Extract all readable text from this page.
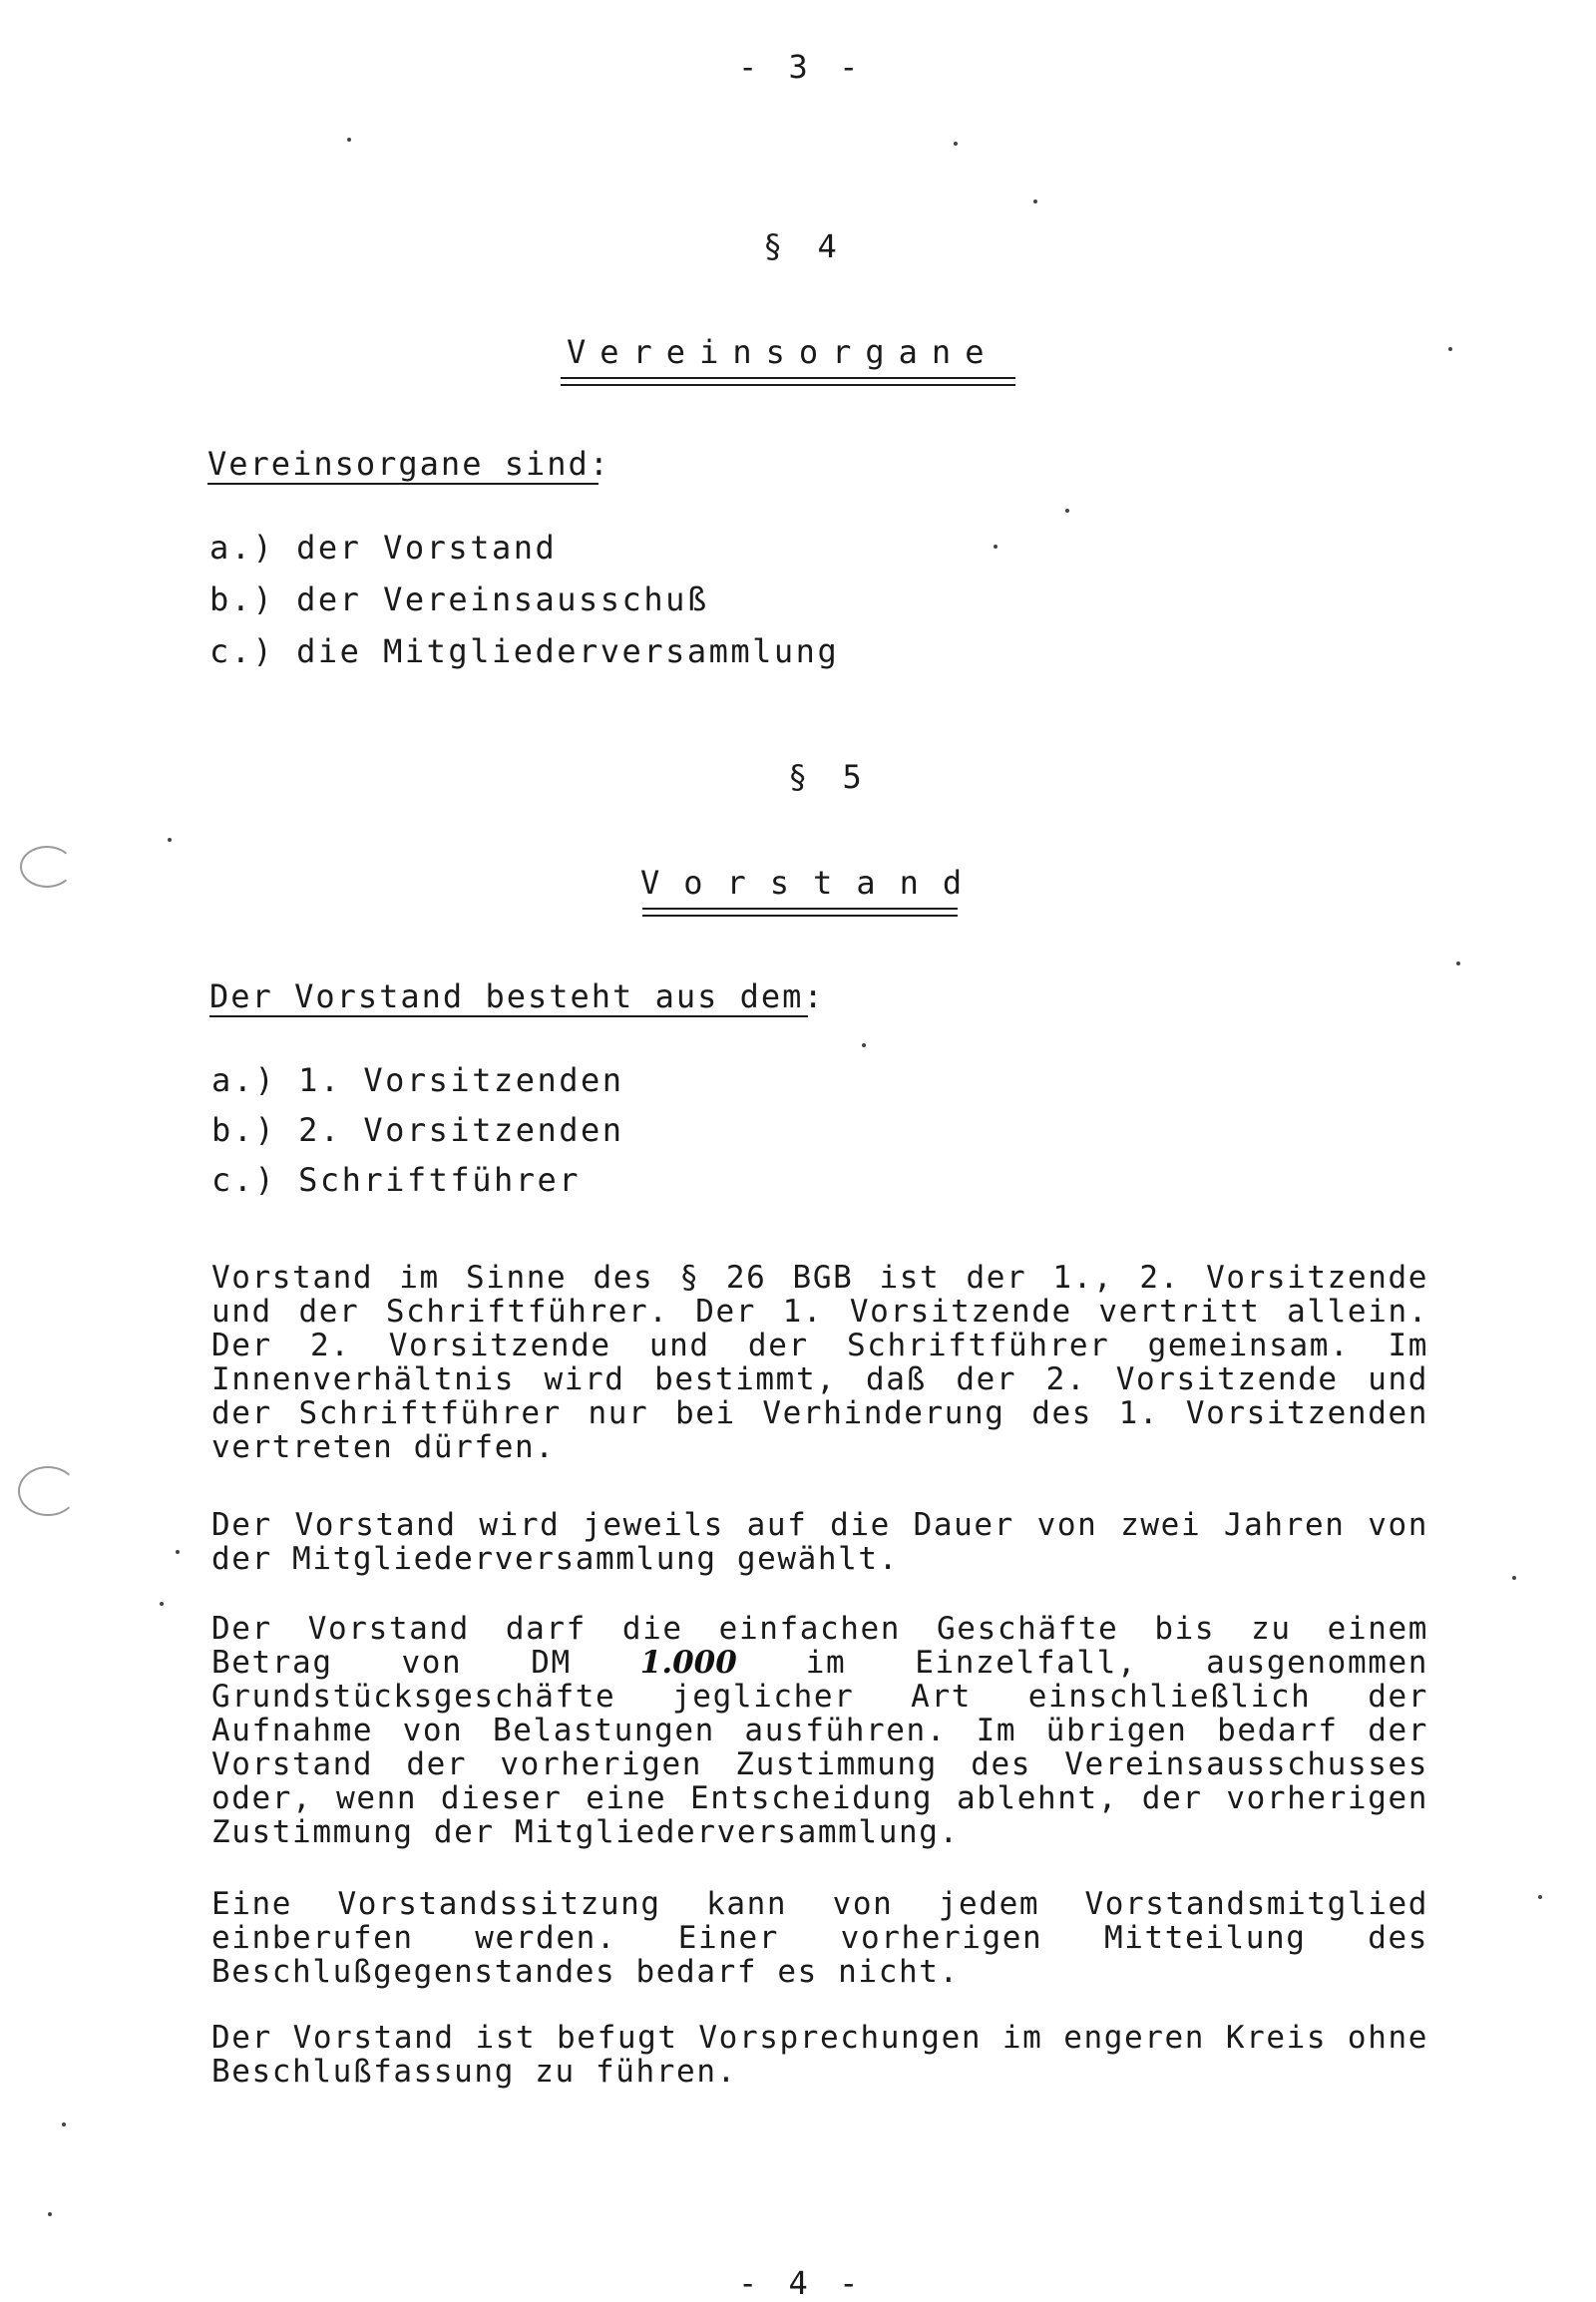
- 3 -
§ 4
Vereinsorgane
Vereinsorgane sind:
a.) der Vorstand
b.) der Vereinsausschuß
c.) die Mitgliederversammlung
§ 5
Vorstand
Der Vorstand besteht aus dem:
a.) 1. Vorsitzenden
b.) 2. Vorsitzenden
c.) Schriftführer
Vorstand im Sinne des § 26 BGB ist der 1., 2. Vorsitzende und der Schriftführer. Der 1. Vorsitzende vertritt allein. Der 2. Vorsitzende und der Schriftführer gemeinsam. Im Innenverhältnis wird bestimmt, daß der 2. Vorsitzende und der Schriftführer nur bei Verhinderung des 1. Vorsitzenden vertreten dürfen.
Der Vorstand wird jeweils auf die Dauer von zwei Jahren von der Mitgliederversammlung gewählt.
Der Vorstand darf die einfachen Geschäfte bis zu einem Betrag von DM 1.000 im Einzelfall, ausgenommen Grundstücksgeschäfte jeglicher Art einschließlich der Aufnahme von Belastungen ausführen. Im übrigen bedarf der Vorstand der vorherigen Zustimmung des Vereinsausschusses oder, wenn dieser eine Entscheidung ablehnt, der vorherigen Zustimmung der Mitgliederversammlung.
Eine Vorstandssitzung kann von jedem Vorstandsmitglied einberufen werden. Einer vorherigen Mitteilung des Beschlußgegenstandes bedarf es nicht.
Der Vorstand ist befugt Vorsprechungen im engeren Kreis ohne Beschlußfassung zu führen.
- 4 -
